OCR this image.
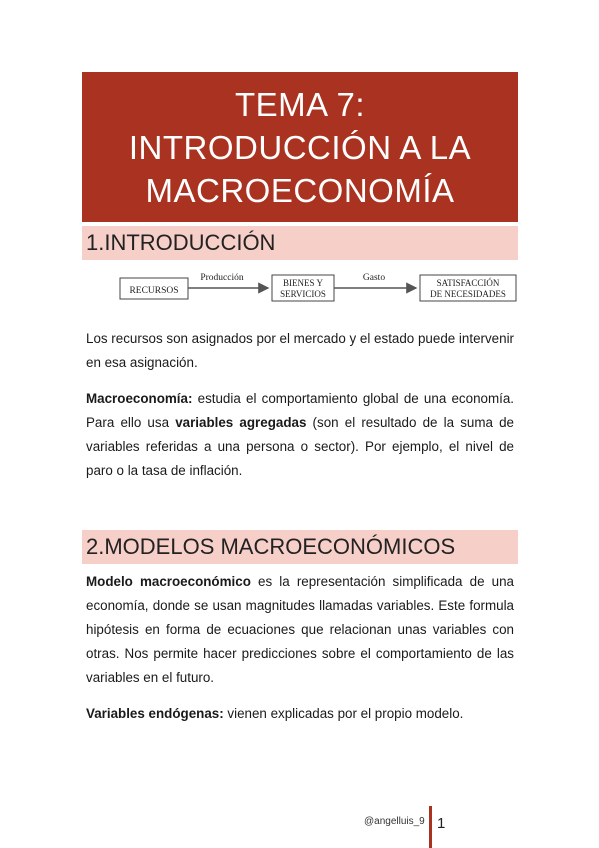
TEMA 7:
INTRODUCCIÓN A LA
MACROECONOMÍA
1.INTRODUCCIÓN
RECURSOS
Producción	BIENES Y
SERVICIOS
Gasto	SATISFACCIÓN
DE NECESIDADES

Los recursos son asignados por el mercado y el estado puede intervenir en esa asignación.

Macroeconomía: estudia el comportamiento global de una economía. Para ello usa variables agregadas (son el resultado de la suma de variables referidas a una persona o sector). Por ejemplo, el nivel de paro o la tasa de inflación.

2.MODELOS MACROECONÓMICOS

Modelo macroeconómico es la representación simplificada de una economía, donde se usan magnitudes llamadas variables. Este formula hipótesis en forma de ecuaciones que relacionan unas variables con otras. Nos permite hacer predicciones sobre el comportamiento de las variables en el futuro.

Variables endógenas: vienen explicadas por el propio modelo.

@angelluis_9 1
